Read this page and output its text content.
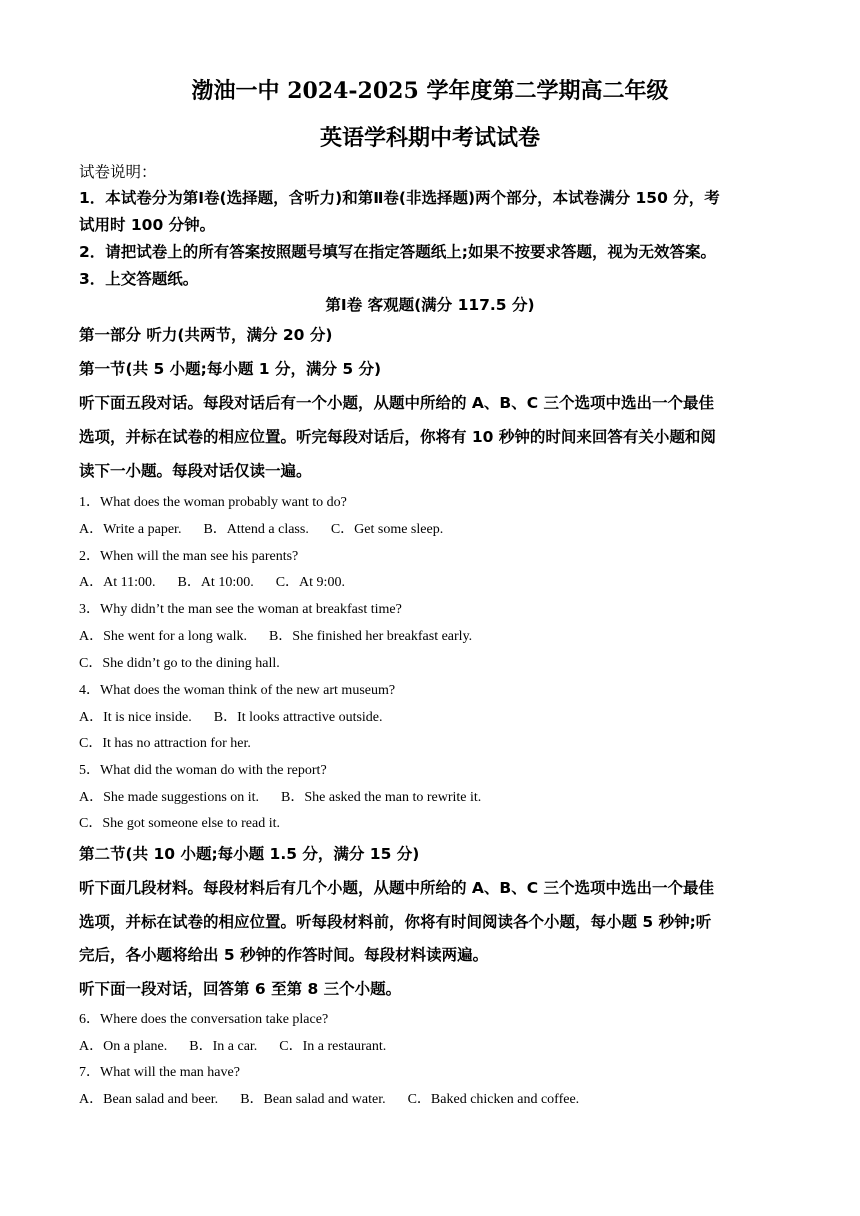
渤油一中 2024-2025 学年度第二学期高二年级
英语学科期中考试试卷
试卷说明：
1．本试卷分为第Ⅰ卷(选择题，含听力)和第Ⅱ卷(非选择题)两个部分，本试卷满分 150 分，考
试用时 100 分钟。
2．请把试卷上的所有答案按照题号填写在指定答题纸上;如果不按要求答题，视为无效答案。
3．上交答题纸。
第Ⅰ卷 客观题(满分 117.5 分)
第一部分 听力(共两节，满分 20 分)
第一节(共 5 小题;每小题 1 分，满分 5 分)
听下面五段对话。每段对话后有一个小题，从题中所给的 A、B、C 三个选项中选出一个最佳
选项，并标在试卷的相应位置。听完每段对话后，你将有 10 秒钟的时间来回答有关小题和阅
读下一小题。每段对话仅读一遍。
1．What does the woman probably want to do?
A．Write a paper. B．Attend a class. C．Get some sleep.
2．When will the man see his parents?
A．At 11:00. B．At 10:00. C．At 9:00.
3．Why didn’t the man see the woman at breakfast time?
A．She went for a long walk. B．She finished her breakfast early.
C．She didn’t go to the dining hall.
4．What does the woman think of the new art museum?
A．It is nice inside. B．It looks attractive outside.
C．It has no attraction for her.
5．What did the woman do with the report?
A．She made suggestions on it. B．She asked the man to rewrite it.
C．She got someone else to read it.
第二节(共 10 小题;每小题 1.5 分，满分 15 分)
听下面几段材料。每段材料后有几个小题，从题中所给的 A、B、C 三个选项中选出一个最佳
选项，并标在试卷的相应位置。听每段材料前，你将有时间阅读各个小题，每小题 5 秒钟;听
完后，各小题将给出 5 秒钟的作答时间。每段材料读两遍。
听下面一段对话，回答第 6 至第 8 三个小题。
6．Where does the conversation take place?
A．On a plane. B．In a car. C．In a restaurant.
7．What will the man have?
A．Bean salad and beer. B．Bean salad and water. C．Baked chicken and coffee.
